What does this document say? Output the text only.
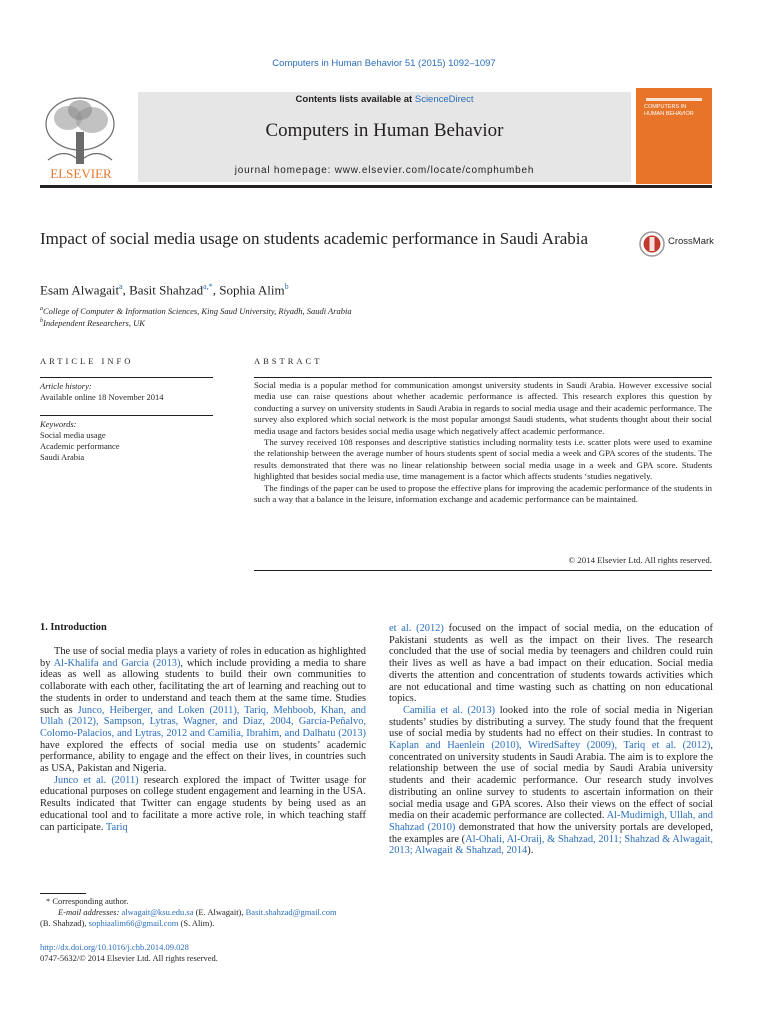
Computers in Human Behavior 51 (2015) 1092–1097
Contents lists available at ScienceDirect
Computers in Human Behavior
journal homepage: www.elsevier.com/locate/comphumbeh
ELSEVIER
COMPUTERS IN HUMAN BEHAVIOR
Impact of social media usage on students academic performance in Saudi Arabia	CrossMark
Esam Alwagait$^a$, Basit Shahzad$^{a,*}$, Sophia Alim$^b$
$^a$College of Computer & Information Sciences, King Saud University, Riyadh, Saudi Arabia
$^b$Independent Researchers, UK
ARTICLE INFO	ABSTRACT
Article history:
Available online 18 November 2014
Keywords:
Social media usage
Academic performance
Saudi Arabia

Social media is a popular method for communication amongst university students in Saudi Arabia. However excessive social media use can raise questions about whether academic performance is affected. This research explores this question by conducting a survey on university students in Saudi Arabia in regards to social media usage and their academic performance. The survey also explored which social network is the most popular amongst Saudi students, what students thought about their social media usage and factors besides social media usage which negatively affect academic performance.

The survey received 108 responses and descriptive statistics including normality tests i.e. scatter plots were used to examine the relationship between the average number of hours students spent of social media a week and GPA scores of the students. The results demonstrated that there was no linear relationship between social media usage in a week and GPA score. Students highlighted that besides social media use, time management is a factor which affects students ‘studies negatively.

The findings of the paper can be used to propose the effective plans for improving the academic performance of the students in such a way that a balance in the leisure, information exchange and academic performance can be maintained.

© 2014 Elsevier Ltd. All rights reserved.
1. Introduction

The use of social media plays a variety of roles in education as highlighted by Al-Khalifa and Garcia (2013), which include providing a media to share ideas as well as allowing students to build their own communities to collaborate with each other, facilitating the art of learning and reaching out to the students in order to understand and teach them at the same time. Studies such as Junco, Heiberger, and Loken (2011), Tariq, Mehboob, Khan, and Ullah (2012), Sampson, Lytras, Wagner, and Diaz, 2004, García-Peñalvo, Colomo-Palacios, and Lytras, 2012 and Camilia, Ibrahim, and Dalhatu (2013) have explored the effects of social media use on students’ academic performance, ability to engage and the effect on their lives, in countries such as USA, Pakistan and Nigeria.

Junco et al. (2011) research explored the impact of Twitter usage for educational purposes on college student engagement and learning in the USA. Results indicated that Twitter can engage students by being used as an educational tool and to facilitate a more active role, in which teaching staff can participate. Tariq

et al. (2012) focused on the impact of social media, on the education of Pakistani students as well as the impact on their lives. The research concluded that the use of social media by teenagers and children could ruin their lives as well as have a bad impact on their education. Social media diverts the attention and concentration of students towards activities which are not educational and time wasting such as chatting on non educational topics.

Camilia et al. (2013) looked into the role of social media in Nigerian students’ studies by distributing a survey. The study found that the frequent use of social media by students had no effect on their studies. In contrast to Kaplan and Haenlein (2010), WiredSaftey (2009), Tariq et al. (2012), concentrated on university students in Saudi Arabia. The aim is to explore the relationship between the use of social media by Saudi Arabia university students and their academic performance. Our research study involves distributing an online survey to students to ascertain information on their social media usage and GPA scores. Also their views on the effect of social media on their academic performance are collected. Al-Mudimigh, Ullah, and Shahzad (2010) demonstrated that how the university portals are developed, the examples are (Al-Ohali, Al-Oraij, & Shahzad, 2011; Shahzad & Alwagait, 2013; Alwagait & Shahzad, 2014).

* Corresponding author.
E-mail addresses: alwagait@ksu.edu.sa (E. Alwagait), Basit.shahzad@gmail.com
(B. Shahzad), sophiaalim66@gmail.com (S. Alim).
http://dx.doi.org/10.1016/j.chb.2014.09.028
0747-5632/© 2014 Elsevier Ltd. All rights reserved.
